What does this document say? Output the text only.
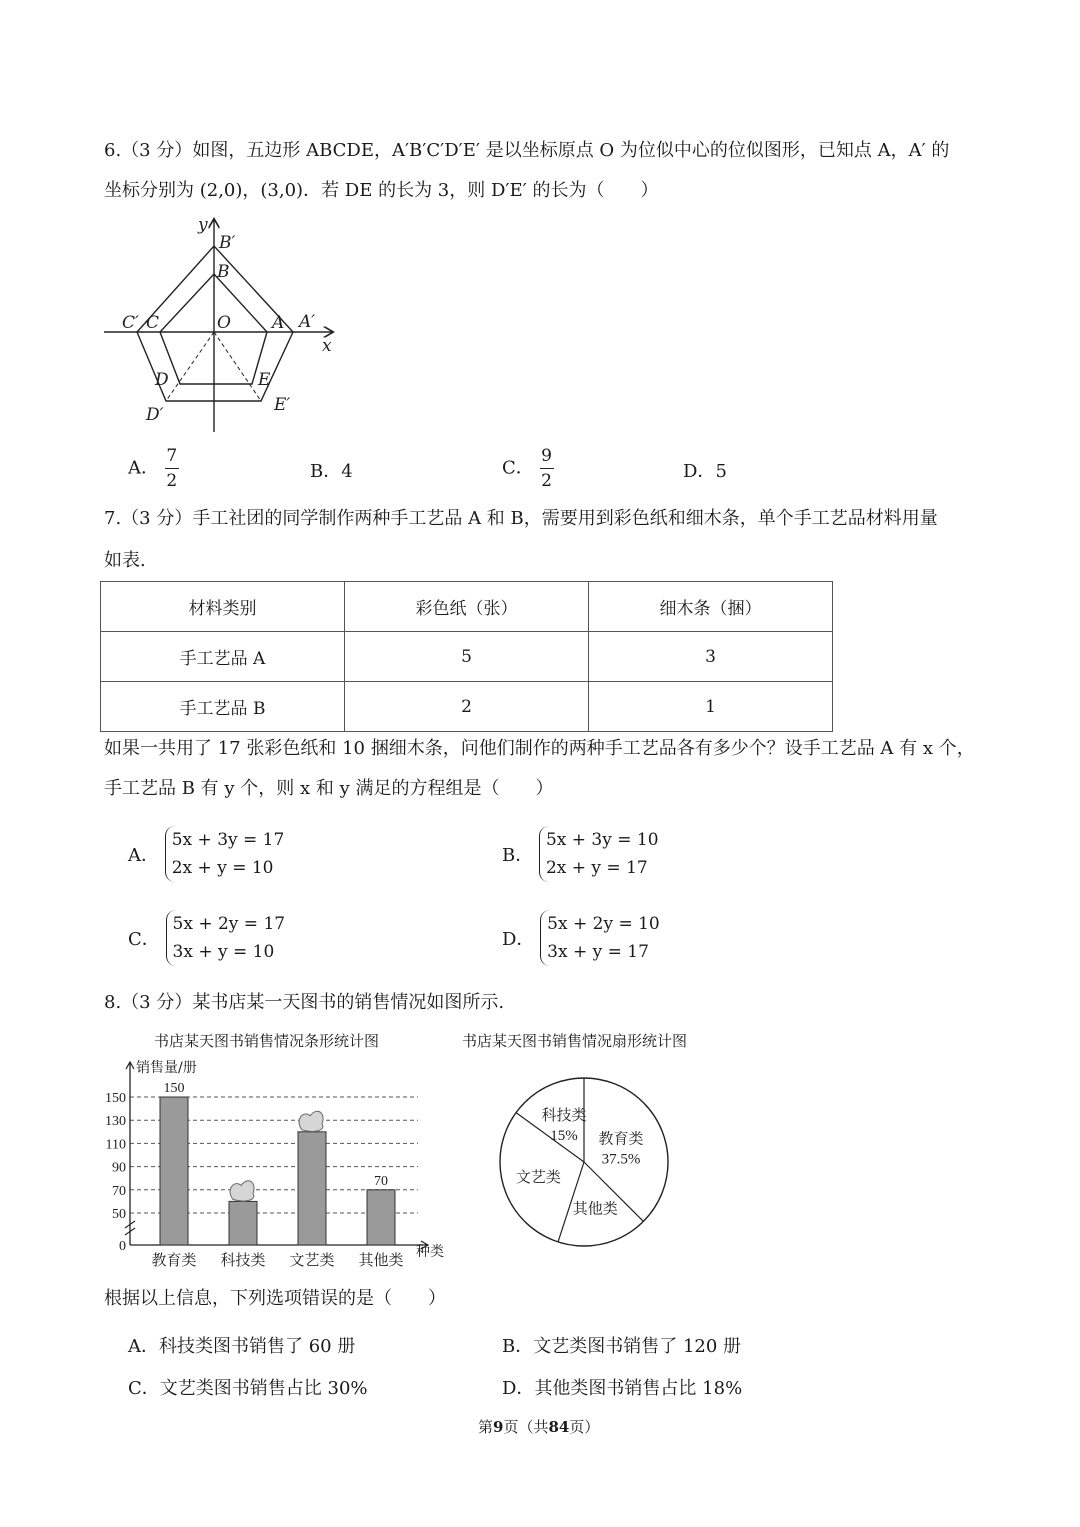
6.（3 分）如图，五边形 ABCDE，A′B′C′D′E′ 是以坐标原点 O 为位似中心的位似图形，已知点 A，A′ 的
坐标分别为 (2,0)，(3,0)．若 DE 的长为 3，则 D′E′ 的长为（　　）
y
B′
B
C′ C	O A A′
x
D	E
D′	E′
A． $\frac{7}{2}$	B．4	C． $\frac{9}{2}$	D．5
7.（3 分）手工社团的同学制作两种手工艺品 A 和 B，需要用到彩色纸和细木条，单个手工艺品材料用量
如表.
材料类别	彩色纸（张）	细木条（捆）
手工艺品 A	5	3
手工艺品 B	2	1
如果一共用了 17 张彩色纸和 10 捆细木条，问他们制作的两种手工艺品各有多少个？设手工艺品 A 有 x 个，
手工艺品 B 有 y 个，则 x 和 y 满足的方程组是（　　）
A． 5x + 3y = 17
2x + y = 10
B． 5x + 3y = 10
2x + y = 17
C． 5x + 2y = 17
3x + y = 10
D． 5x + 2y = 10
3x + y = 17
8.（3 分）某书店某一天图书的销售情况如图所示.
书店某天图书销售情况条形统计图	书店某天图书销售情况扇形统计图
销售量/册
种类
0
50
70
90
110
130
150
150
教育类 科技类 文艺类
70
其他类
教育类
37.5%
其他类
文艺类
科技类
15%
根据以上信息，下列选项错误的是（　　）
A．科技类图书销售了 60 册	B．文艺类图书销售了 120 册
C．文艺类图书销售占比 30%	D．其他类图书销售占比 18%
第9页（共84页）
